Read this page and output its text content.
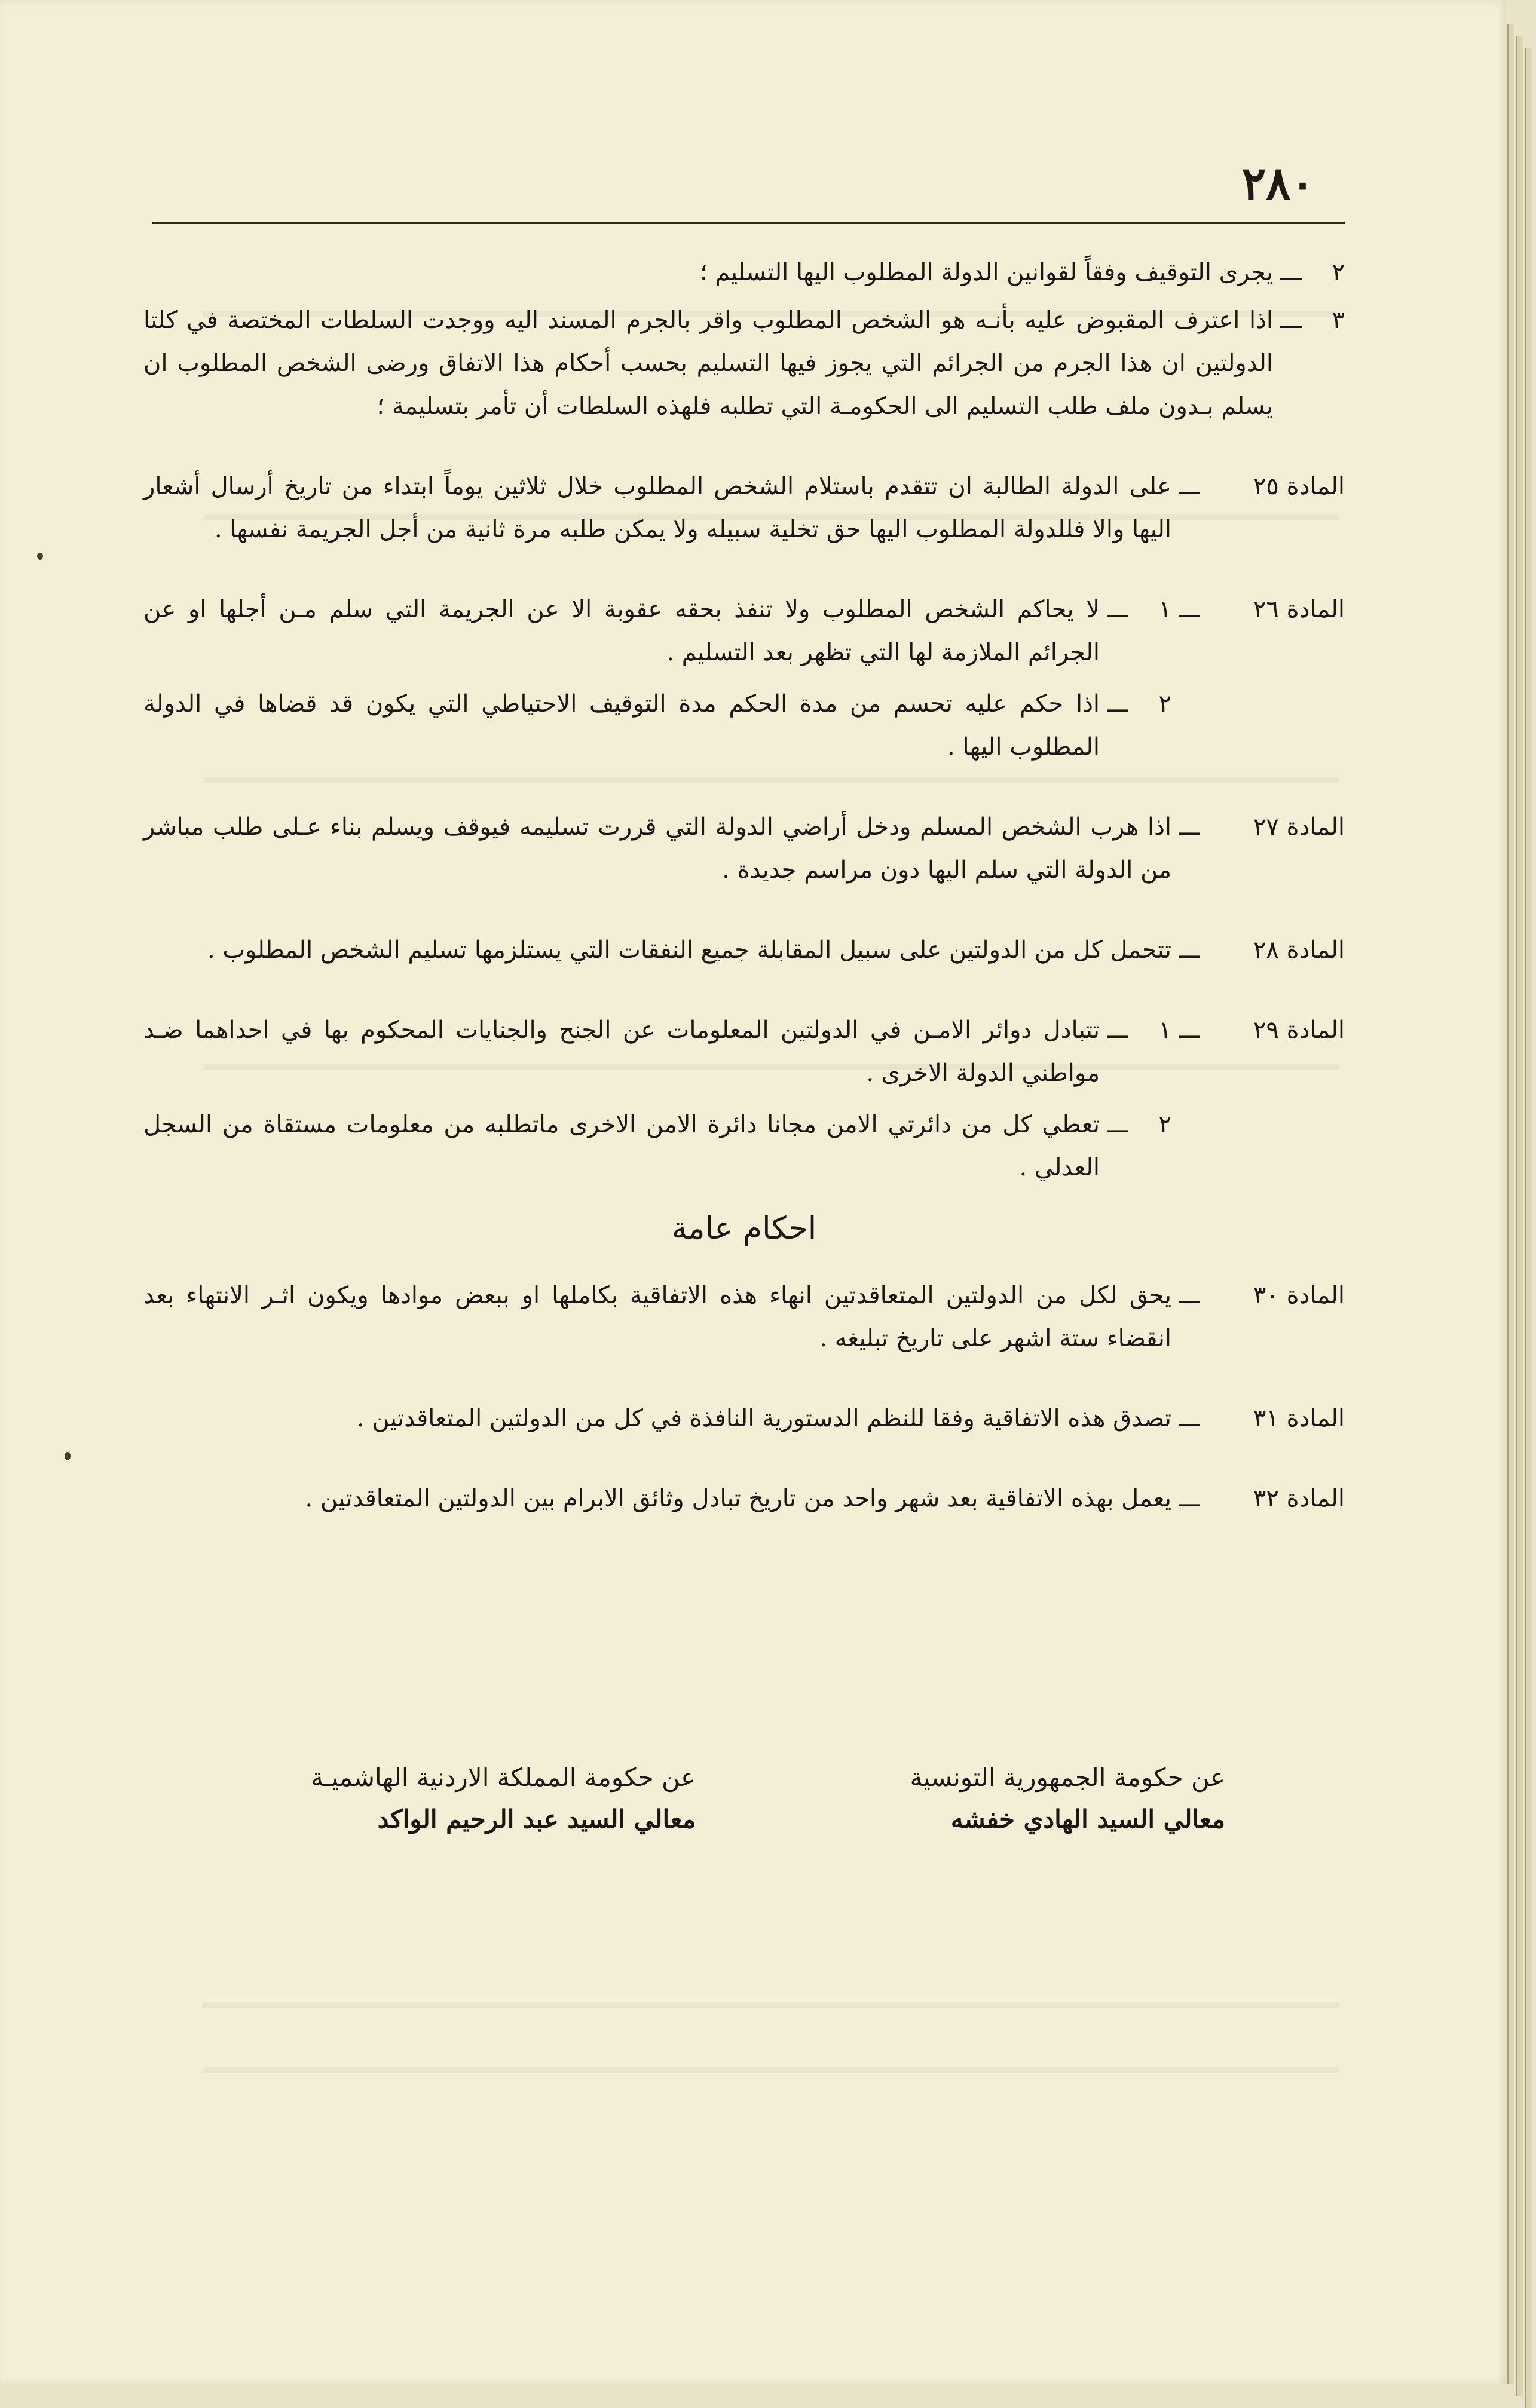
٢٨٠
٢
ـــ
يجرى التوقيف وفقاً لقوانين الدولة المطلوب اليها التسليم ؛
٣
ـــ
اذا اعترف المقبوض عليه بأنـه هو الشخص المطلوب واقر بالجرم المسند اليه ووجدت السلطات المختصة في كلتا الدولتين ان هذا الجرم من الجرائم التي يجوز فيها التسليم بحسب أحكام هذا الاتفاق ورضى الشخص المطلوب ان يسلم بـدون ملف طلب التسليم الى الحكومـة التي تطلبه فلهذه السلطات أن تأمر بتسليمة ؛
المادة ٢٥
ـــ
على الدولة الطالبة ان تتقدم باستلام الشخص المطلوب خلال ثلاثين يوماً ابتداء من تاريخ أرسال أشعار اليها والا فللدولة المطلوب اليها حق تخلية سبيله ولا يمكن طلبه مرة ثانية من أجل الجريمة نفسها .
المادة ٢٦
ـــ
١
ـــ
لا يحاكم الشخص المطلوب ولا تنفذ بحقه عقوبة الا عن الجريمة التي سلم مـن أجلها او عن الجرائم الملازمة لها التي تظهر بعد التسليم .
٢
ـــ
اذا حكم عليه تحسم من مدة الحكم مدة التوقيف الاحتياطي التي يكون قد قضاها في الدولة المطلوب اليها .
المادة ٢٧
ـــ
اذا هرب الشخص المسلم ودخل أراضي الدولة التي قررت تسليمه فيوقف ويسلم بناء عـلى طلب مباشر من الدولة التي سلم اليها دون مراسم جديدة .
المادة ٢٨
ـــ
تتحمل كل من الدولتين على سبيل المقابلة جميع النفقات التي يستلزمها تسليم الشخص المطلوب .
المادة ٢٩
ـــ
١
ـــ
تتبادل دوائر الامـن في الدولتين المعلومات عن الجنح والجنايات المحكوم بها في احداهما ضـد مواطني الدولة الاخرى .
٢
ـــ
تعطي كل من دائرتي الامن مجانا دائرة الامن الاخرى ماتطلبه من معلومات مستقاة من السجل العدلي .
احكام عامة
المادة ٣٠
ـــ
يحق لكل من الدولتين المتعاقدتين انهاء هذه الاتفاقية بكاملها او ببعض موادها ويكون اثـر الانتهاء بعد انقضاء ستة اشهر على تاريخ تبليغه .
المادة ٣١
ـــ
تصدق هذه الاتفاقية وفقا للنظم الدستورية النافذة في كل من الدولتين المتعاقدتين .
المادة ٣٢
ـــ
يعمل بهذه الاتفاقية بعد شهر واحد من تاريخ تبادل وثائق الابرام بين الدولتين المتعاقدتين .
عن حكومة الجمهورية التونسية
معالي السيد الهادي خفشه
عن حكومة المملكة الاردنية الهاشميـة
معالي السيد عبد الرحيم الواكد
